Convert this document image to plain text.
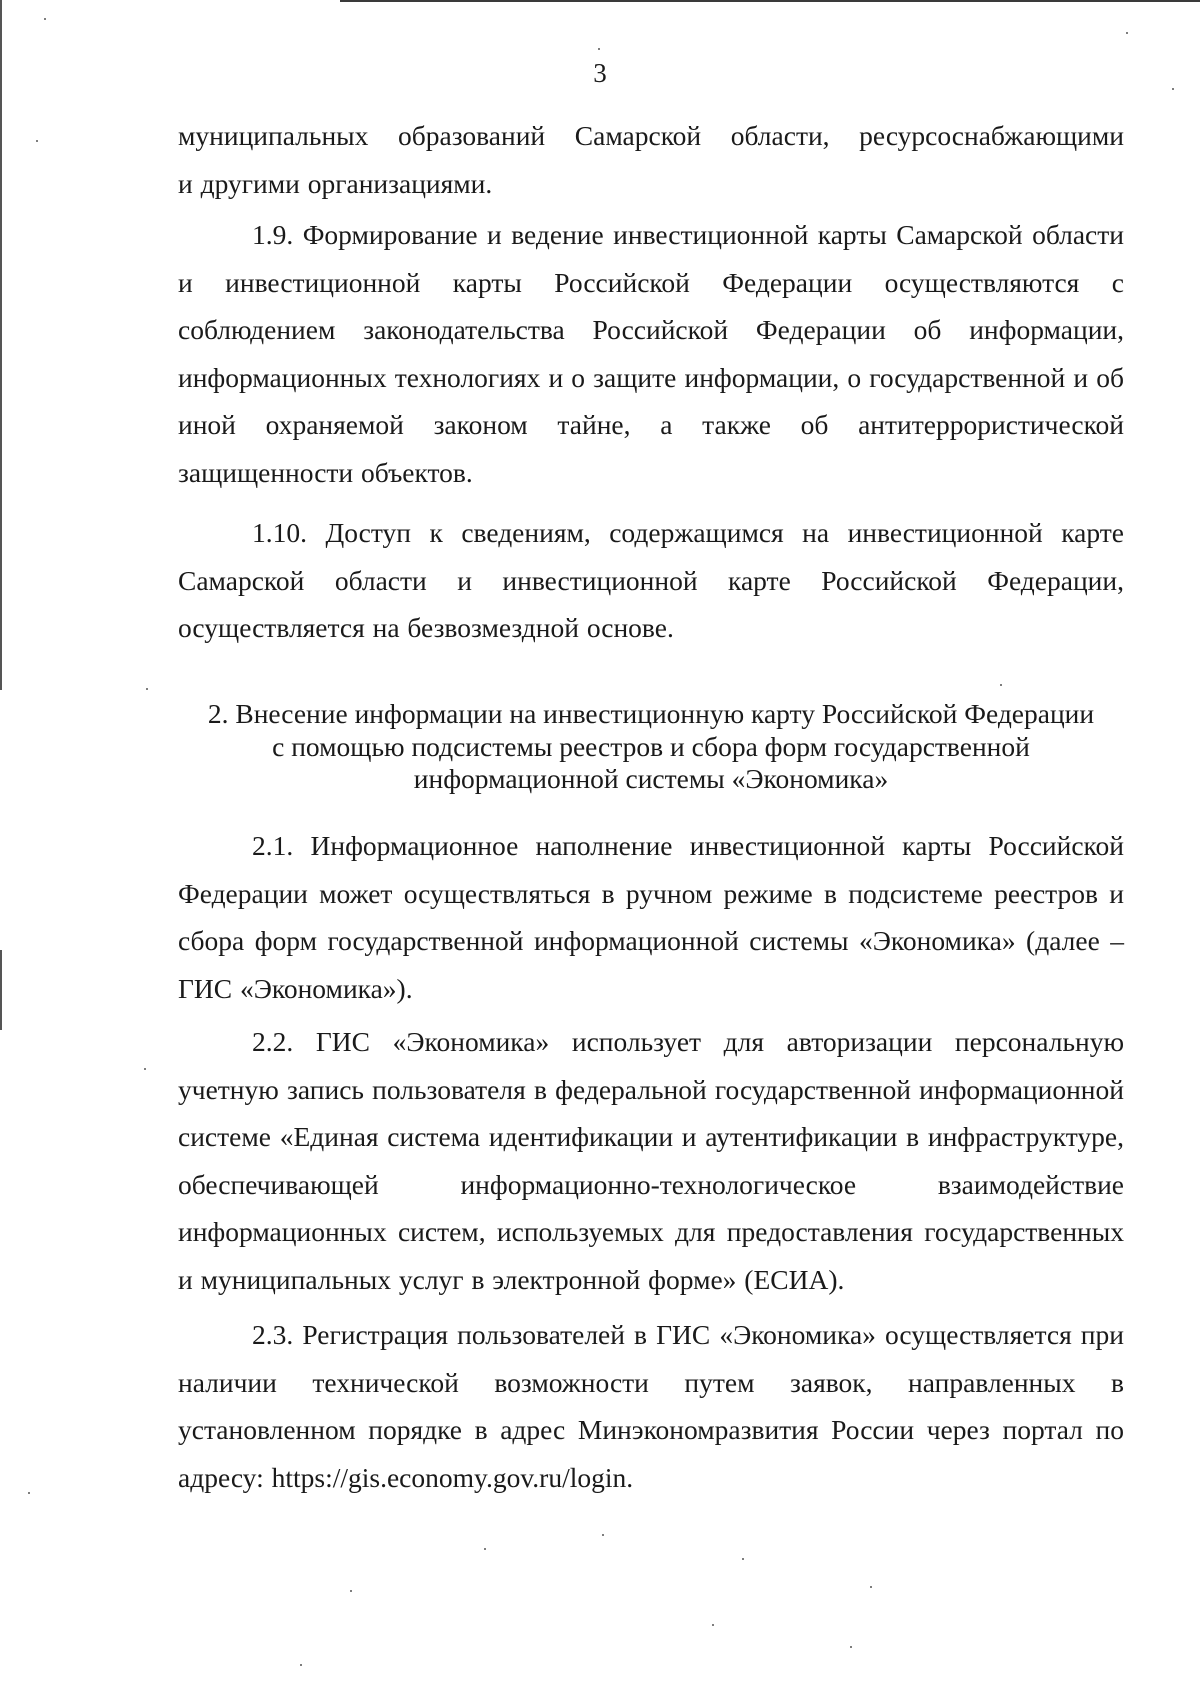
3

муниципальных образований Самарской области, ресурсоснабжающими

и другими организациями.

1.9. Формирование и ведение инвестиционной карты Самарской области и инвестиционной карты Российской Федерации осуществляются с соблюдением законодательства Российской Федерации об информации, информационных технологиях и о защите информации, о государственной и об иной охраняемой законом тайне, а также об антитеррористической защищенности объектов.

1.10. Доступ к сведениям, содержащимся на инвестиционной карте Самарской области и инвестиционной карте Российской Федерации, осуществляется на безвозмездной основе.

2. Внесение информации на инвестиционную карту Российской Федерации
с помощью подсистемы реестров и сбора форм государственной
информационной системы «Экономика»

2.1. Информационное наполнение инвестиционной карты Российской Федерации может осуществляться в ручном режиме в подсистеме реестров и сбора форм государственной информационной системы «Экономика» (далее – ГИС «Экономика»).

2.2. ГИС «Экономика» использует для авторизации персональную учетную запись пользователя в федеральной государственной информационной системе «Единая система идентификации и аутентификации в инфраструктуре, обеспечивающей информационно-технологическое взаимодействие информационных систем, используемых для предоставления государственных и муниципальных услуг в электронной форме» (ЕСИА).

2.3. Регистрация пользователей в ГИС «Экономика» осуществляется при наличии технической возможности путем заявок, направленных в установленном порядке в адрес Минэкономразвития России через портал по адресу: https://gis.economy.gov.ru/login.
